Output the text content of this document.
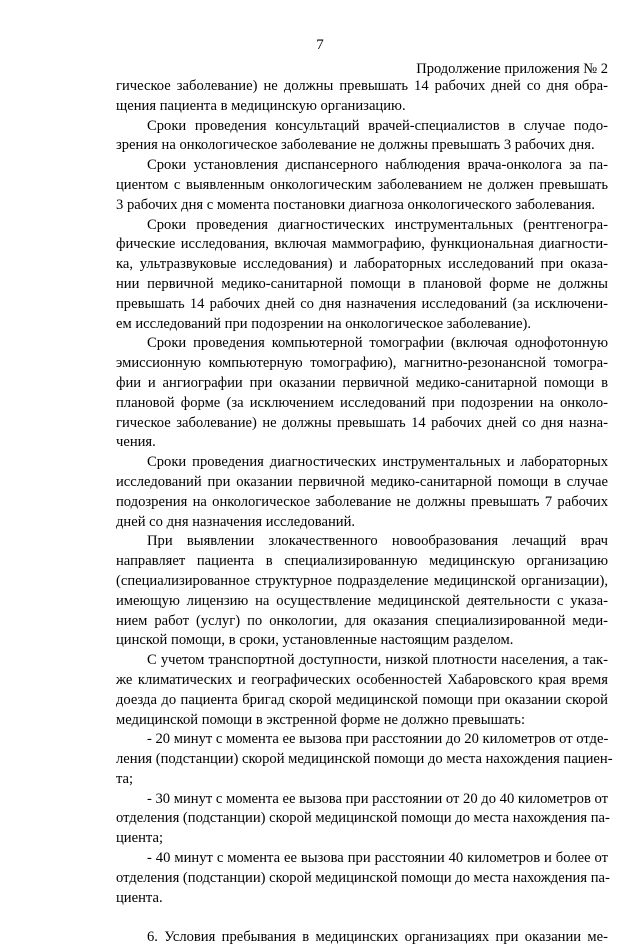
7
Продолжение приложения № 2
гическое заболевание) не должны превышать 14 рабочих дней со дня обра-
щения пациента в медицинскую организацию.
Сроки проведения консультаций врачей-специалистов в случае подо-
зрения на онкологическое заболевание не должны превышать 3 рабочих дня.
Сроки установления диспансерного наблюдения врача-онколога за па-
циентом с выявленным онкологическим заболеванием не должен превышать
3 рабочих дня с момента постановки диагноза онкологического заболевания.
Сроки проведения диагностических инструментальных (рентгеногра-
фические исследования, включая маммографию, функциональная диагности-
ка, ультразвуковые исследования) и лабораторных исследований при оказа-
нии первичной медико-санитарной помощи в плановой форме не должны
превышать 14 рабочих дней со дня назначения исследований (за исключени-
ем исследований при подозрении на онкологическое заболевание).
Сроки проведения компьютерной томографии (включая однофотонную
эмиссионную компьютерную томографию), магнитно-резонансной томогра-
фии и ангиографии при оказании первичной медико-санитарной помощи в
плановой форме (за исключением исследований при подозрении на онколо-
гическое заболевание) не должны превышать 14 рабочих дней со дня назна-
чения.
Сроки проведения диагностических инструментальных и лабораторных
исследований при оказании первичной медико-санитарной помощи в случае
подозрения на онкологическое заболевание не должны превышать 7 рабочих
дней со дня назначения исследований.
При выявлении злокачественного новообразования лечащий врач
направляет пациента в специализированную медицинскую организацию
(специализированное структурное подразделение медицинской организации),
имеющую лицензию на осуществление медицинской деятельности с указа-
нием работ (услуг) по онкологии, для оказания специализированной меди-
цинской помощи, в сроки, установленные настоящим разделом.
С учетом транспортной доступности, низкой плотности населения, а так-
же климатических и географических особенностей Хабаровского края время
доезда до пациента бригад скорой медицинской помощи при оказании скорой
медицинской помощи в экстренной форме не должно превышать:
- 20 минут с момента ее вызова при расстоянии до 20 километров от отде-
ления (подстанции) скорой медицинской помощи до места нахождения пациен-
та;
- 30 минут с момента ее вызова при расстоянии от 20 до 40 километров от
отделения (подстанции) скорой медицинской помощи до места нахождения па-
циента;
- 40 минут с момента ее вызова при расстоянии 40 километров и более от
отделения (подстанции) скорой медицинской помощи до места нахождения па-
циента.
6. Условия пребывания в медицинских организациях при оказании ме-
